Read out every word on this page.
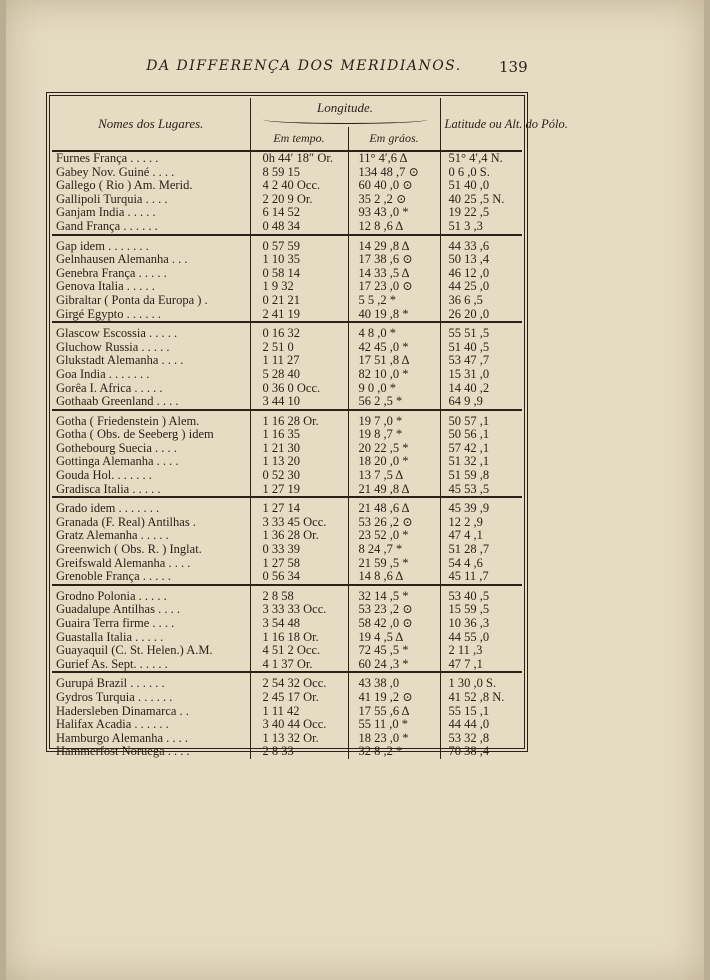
DA DIFFERENÇA DOS MERIDIANOS. 139
Nomes dos Lugares.	Longitude.		Latitude ou Alt. do Pólo.
	Em tempo.	Em gráos.	
Furnes França . . . . .	0h 44′ 18″ Or.	11° 4′,6 Δ	51° 4′,4 N.
Gabey Nov. Guiné . . . .	8 59 15	134 48 ,7 ⊙	0 6 ,0 S.
Gallego ( Rio ) Am. Merid.	4 2 40 Occ.	60 40 ,0 ⊙	51 40 ,0
Gallipoli Turquia . . . .	2 20 9 Or.	35 2 ,2 ⊙	40 25 ,5 N.
Ganjam India . . . . .	6 14 52	93 43 ,0 *	19 22 ,5
Gand França . . . . . .	0 48 34	12 8 ,6 Δ	51 3 ,3
Gap idem . . . . . . .	0 57 59	14 29 ,8 Δ	44 33 ,6
Gelnhausen Alemanha . . .	1 10 35	17 38 ,6 ⊙	50 13 ,4
Genebra França . . . . .	0 58 14	14 33 ,5 Δ	46 12 ,0
Genova Italia . . . . .	1 9 32	17 23 ,0 ⊙	44 25 ,0
Gibraltar ( Ponta da Europa ) .	0 21 21	5 5 ,2 *	36 6 ,5
Girgé Egypto . . . . . .	2 41 19	40 19 ,8 *	26 20 ,0
Glascow Escossia . . . . .	0 16 32	4 8 ,0 *	55 51 ,5
Gluchow Russia . . . . .	2 51 0	42 45 ,0 *	51 40 ,5
Glukstadt Alemanha . . . .	1 11 27	17 51 ,8 Δ	53 47 ,7
Goa India . . . . . . .	5 28 40	82 10 ,0 *	15 31 ,0
Gorêa I. Africa . . . . .	0 36 0 Occ.	9 0 ,0 *	14 40 ,2
Gothaab Greenland . . . .	3 44 10	56 2 ,5 *	64 9 ,9
Gotha ( Friedenstein ) Alem.	1 16 28 Or.	19 7 ,0 *	50 57 ,1
Gotha ( Obs. de Seeberg ) idem	1 16 35	19 8 ,7 *	50 56 ,1
Gothebourg Suecia . . . .	1 21 30	20 22 ,5 *	57 42 ,1
Gottinga Alemanha . . . .	1 13 20	18 20 ,0 *	51 32 ,1
Gouda Hol. . . . . . .	0 52 30	13 7 ,5 Δ	51 59 ,8
Gradisca Italia . . . . .	1 27 19	21 49 ,8 Δ	45 53 ,5
Grado idem . . . . . . .	1 27 14	21 48 ,6 Δ	45 39 ,9
Granada (F. Real) Antilhas .	3 33 45 Occ.	53 26 ,2 ⊙	12 2 ,9
Gratz Alemanha . . . . .	1 36 28 Or.	23 52 ,0 *	47 4 ,1
Greenwich ( Obs. R. ) Inglat.	0 33 39	8 24 ,7 *	51 28 ,7
Greifswald Alemanha . . . .	1 27 58	21 59 ,5 *	54 4 ,6
Grenoble França . . . . .	0 56 34	14 8 ,6 Δ	45 11 ,7
Grodno Polonia . . . . .	2 8 58	32 14 ,5 *	53 40 ,5
Guadalupe Antilhas . . . .	3 33 33 Occ.	53 23 ,2 ⊙	15 59 ,5
Guaira Terra firme . . . .	3 54 48	58 42 ,0 ⊙	10 36 ,3
Guastalla Italia . . . . .	1 16 18 Or.	19 4 ,5 Δ	44 55 ,0
Guayaquil (C. St. Helen.) A.M.	4 51 2 Occ.	72 45 ,5 *	2 11 ,3
Gurief As. Sept. . . . . .	4 1 37 Or.	60 24 ,3 *	47 7 ,1
Gurupá Brazil . . . . . .	2 54 32 Occ.	43 38 ,0	1 30 ,0 S.
Gydros Turquia . . . . . .	2 45 17 Or.	41 19 ,2 ⊙	41 52 ,8 N.
Hadersleben Dinamarca . .	1 11 42	17 55 ,6 Δ	55 15 ,1
Halifax Acadia . . . . . .	3 40 44 Occ.	55 11 ,0 *	44 44 ,0
Hamburgo Alemanha . . . .	1 13 32 Or.	18 23 ,0 *	53 32 ,8
Hammerfost Noruega . . . .	2 8 33	32 8 ,2 *	70 38 ,4
